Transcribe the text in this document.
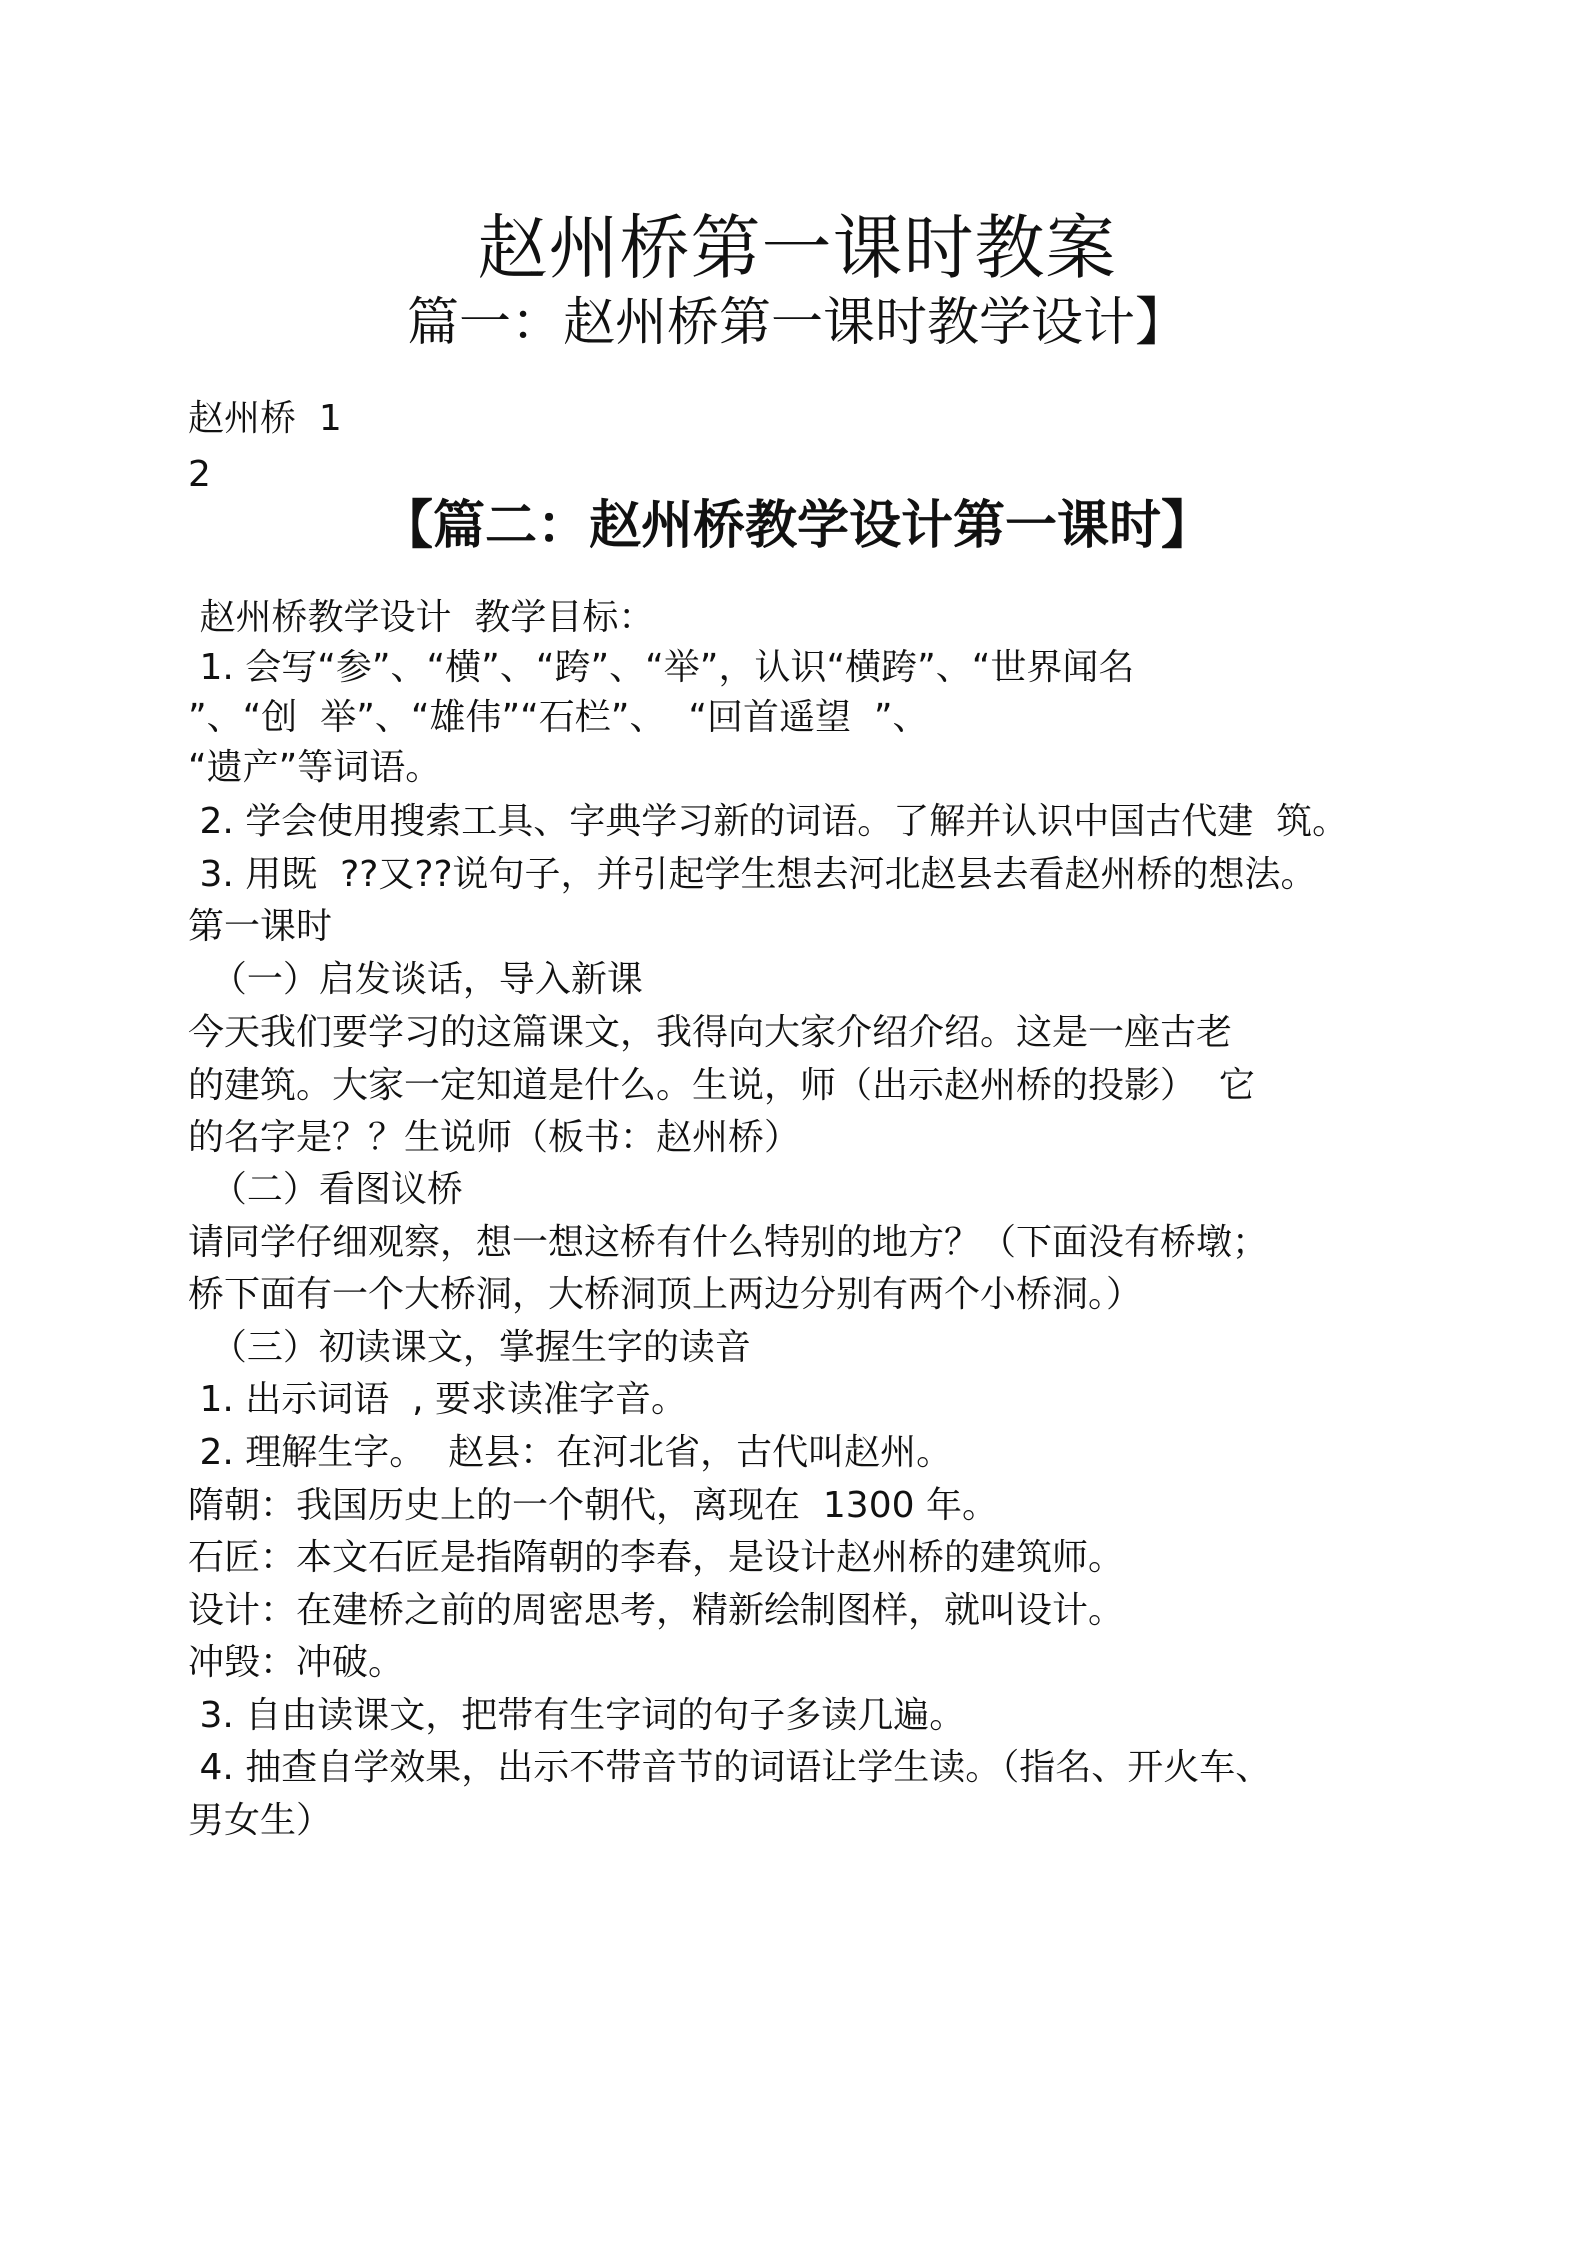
赵州桥第一课时教案
篇一：赵州桥第一课时教学设计】
赵州桥  1
2
【篇二：赵州桥教学设计第一课时】
赵州桥教学设计  教学目标：
1. 会写“参”、“横”、“跨”、“举”，认识“横跨”、“世界闻名
”、“创  举”、“雄伟”“石栏”、  “回首遥望  ”、
“遗产”等词语。
2. 学会使用搜索工具、字典学习新的词语。了解并认识中国古代建  筑。
3. 用既  ??又??说句子，并引起学生想去河北赵县去看赵州桥的想法。
第一课时
（一）启发谈话，导入新课
今天我们要学习的这篇课文，我得向大家介绍介绍。这是一座古老
的建筑。大家一定知道是什么。生说，师（出示赵州桥的投影）  它
的名字是？？生说师（板书：赵州桥）
（二）看图议桥
请同学仔细观察，想一想这桥有什么特别的地方？（下面没有桥墩；
桥下面有一个大桥洞，大桥洞顶上两边分别有两个小桥洞。）
（三）初读课文，掌握生字的读音
1. 出示词语  , 要求读准字音。
2. 理解生字。  赵县：在河北省，古代叫赵州。
隋朝：我国历史上的一个朝代，离现在  1300 年。
石匠：本文石匠是指隋朝的李春，是设计赵州桥的建筑师。
设计：在建桥之前的周密思考，精新绘制图样，就叫设计。
冲毁：冲破。
3. 自由读课文，把带有生字词的句子多读几遍。
4. 抽查自学效果，出示不带音节的词语让学生读。（指名、开火车、
男女生）
